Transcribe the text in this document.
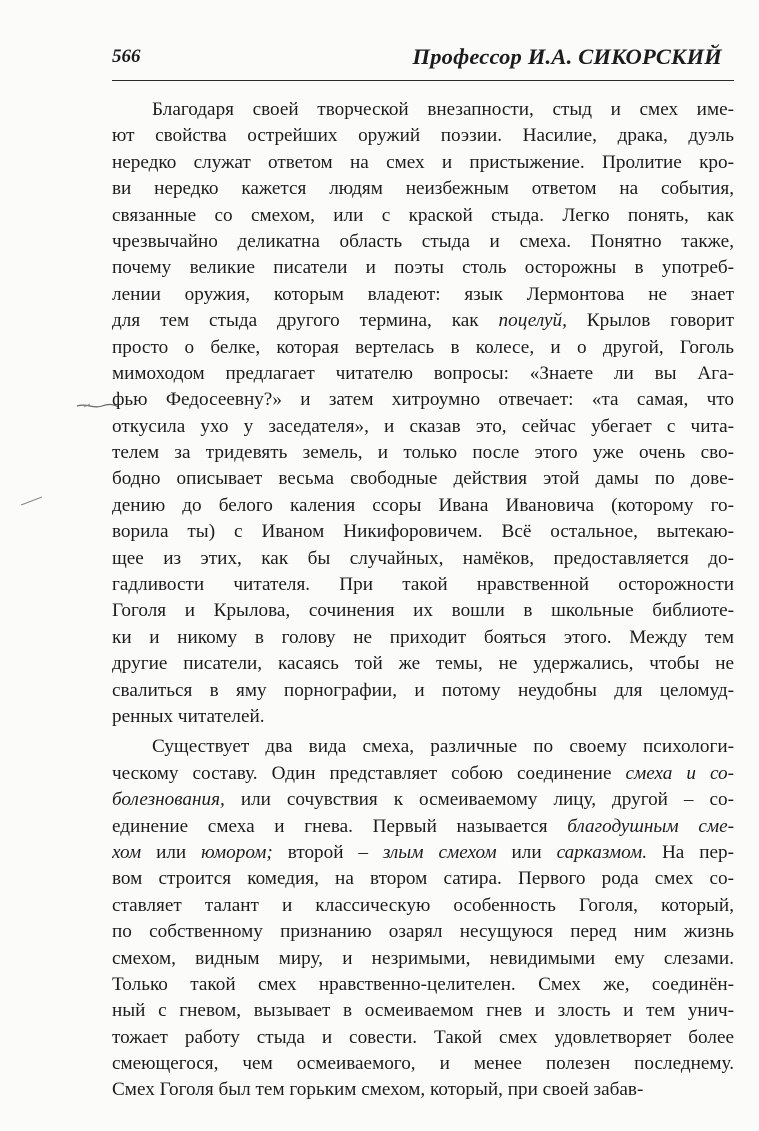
566	Профессор И.А. СИКОРСКИЙ
Благодаря своей творческой внезапности, стыд и смех име-
ют свойства острейших оружий поэзии. Насилие, драка, дуэль
нередко служат ответом на смех и пристыжение. Пролитие кро-
ви нередко кажется людям неизбежным ответом на события,
связанные со смехом, или с краской стыда. Легко понять, как
чрезвычайно деликатна область стыда и смеха. Понятно также,
почему великие писатели и поэты столь осторожны в употреб-
лении оружия, которым владеют: язык Лермонтова не знает
для тем стыда другого термина, как поцелуй, Крылов говорит
просто о белке, которая вертелась в колесе, и о другой, Гоголь
мимоходом предлагает читателю вопросы: «Знаете ли вы Ага-
фью Федосеевну?» и затем хитроумно отвечает: «та самая, что
откусила ухо у заседателя», и сказав это, сейчас убегает с чита-
телем за тридевять земель, и только после этого уже очень сво-
бодно описывает весьма свободные действия этой дамы по дове-
дению до белого каления ссоры Ивана Ивановича (которому го-
ворила ты) с Иваном Никифоровичем. Всё остальное, вытекаю-
щее из этих, как бы случайных, намёков, предоставляется до-
гадливости читателя. При такой нравственной осторожности
Гоголя и Крылова, сочинения их вошли в школьные библиоте-
ки и никому в голову не приходит бояться этого. Между тем
другие писатели, касаясь той же темы, не удержались, чтобы не
свалиться в яму порнографии, и потому неудобны для целомуд-
ренных читателей.
Существует два вида смеха, различные по своему психологи-
ческому составу. Один представляет собою соединение смеха и со-
болезнования, или сочувствия к осмеиваемому лицу, другой – со-
единение смеха и гнева. Первый называется благодушным сме-
хом или юмором; второй – злым смехом или сарказмом. На пер-
вом строится комедия, на втором сатира. Первого рода смех со-
ставляет талант и классическую особенность Гоголя, который,
по собственному признанию озарял несущуюся перед ним жизнь
смехом, видным миру, и незримыми, невидимыми ему слезами.
Только такой смех нравственно-целителен. Смех же, соединён-
ный с гневом, вызывает в осмеиваемом гнев и злость и тем унич-
тожает работу стыда и совести. Такой смех удовлетворяет более
смеющегося, чем осмеиваемого, и менее полезен последнему.
Смех Гоголя был тем горьким смехом, который, при своей забав-
